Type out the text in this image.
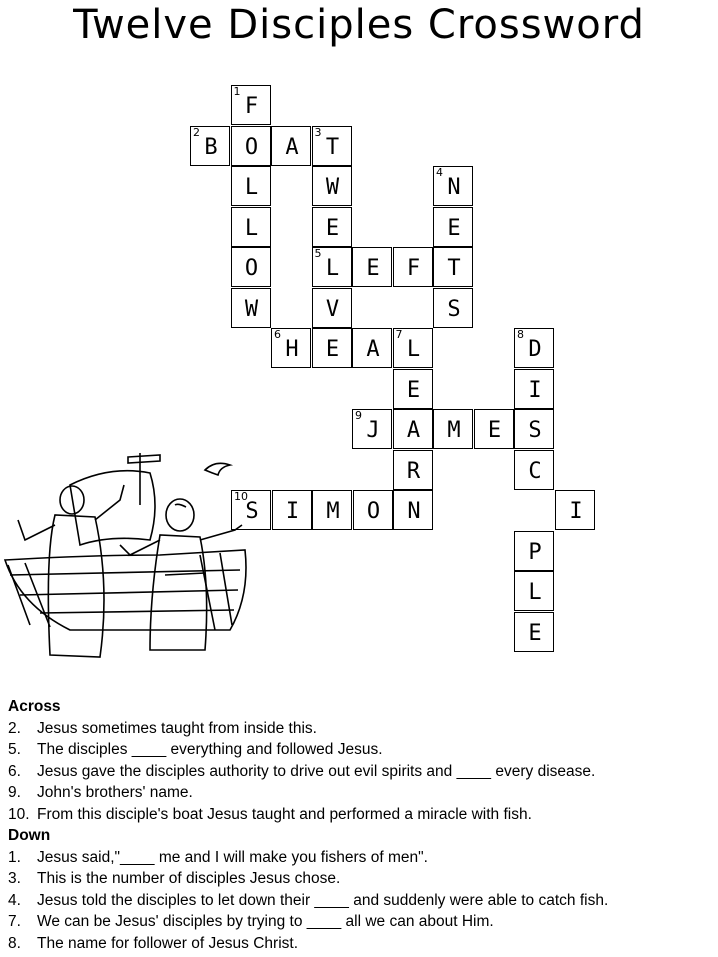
Twelve Disciples Crossword
1
F
2
B	O	A
3
T
L	W
4
N
L	E	E
O
5
L	E	F	T
W	V	S
6
H	E	A
7
L
8
D
E	I
9
J	A	M	E	S
R	C
10
S	I	M	O	N	I
P
L
E
Across
2. Jesus sometimes taught from inside this.
5. The disciples ____ everything and followed Jesus.
6. Jesus gave the disciples authority to drive out evil spirits and ____ every disease.
9. John's brothers' name.
10. From this disciple's boat Jesus taught and performed a miracle with fish.
Down
1. Jesus said,"____ me and I will make you fishers of men".
3. This is the number of disciples Jesus chose.
4. Jesus told the disciples to let down their ____ and suddenly were able to catch fish.
7. We can be Jesus' disciples by trying to ____ all we can about Him.
8. The name for follower of Jesus Christ.
